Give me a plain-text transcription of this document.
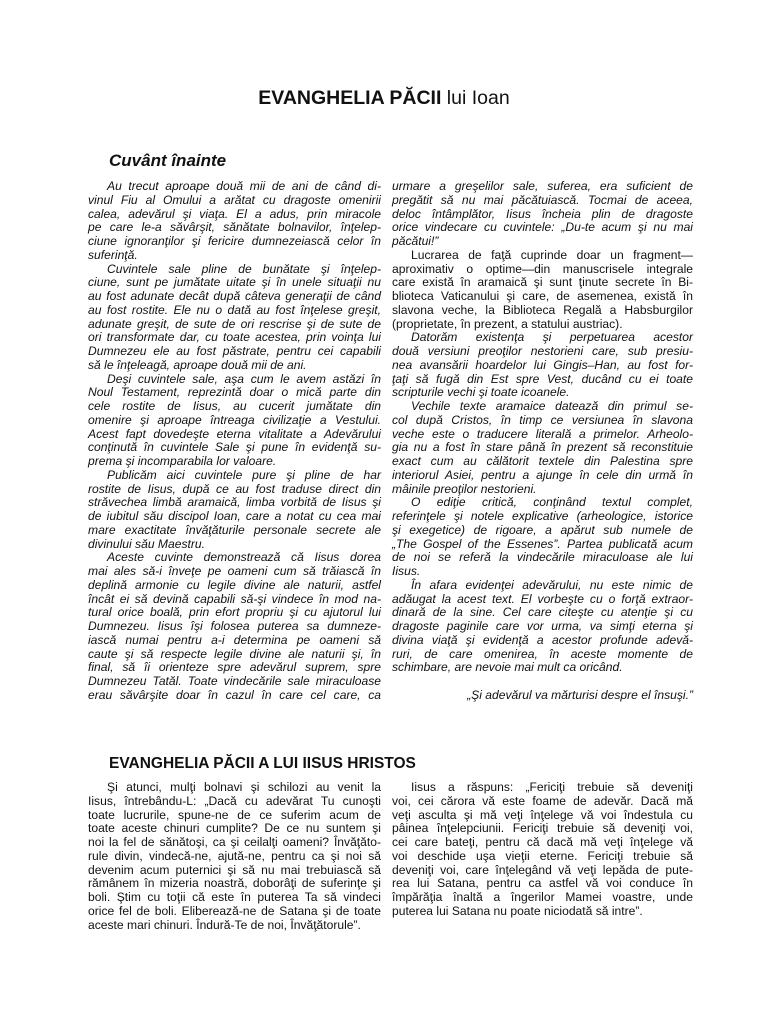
EVANGHELIA PĂCII lui Ioan
Cuvânt înainte
Au trecut aproape două mii de ani de când di-
vinul Fiu al Omului a arătat cu dragoste omenirii
calea, adevărul şi viaţa. El a adus, prin miracole
pe care le-a săvârşit, sănătate bolnavilor, înţelep-
ciune ignoranţilor şi fericire dumnezeiască celor în
suferinţă.
Cuvintele sale pline de bunătate şi înţelep-
ciune, sunt pe jumătate uitate şi în unele situaţii nu
au fost adunate decât după câteva generaţii de când
au fost rostite. Ele nu o dată au fost înţelese greşit,
adunate greşit, de sute de ori rescrise şi de sute de
ori transformate dar, cu toate acestea, prin voinţa lui
Dumnezeu ele au fost păstrate, pentru cei capabili
să le înţeleagă, aproape două mii de ani.
Deşi cuvintele sale, aşa cum le avem astăzi în
Noul Testament, reprezintă doar o mică parte din
cele rostite de Iisus, au cucerit jumătate din
omenire şi aproape întreaga civilizaţie a Vestului.
Acest fapt dovedeşte eterna vitalitate a Adevărului
conţinută în cuvintele Sale şi pune în evidenţă su-
prema şi incomparabila lor valoare.
Publicăm aici cuvintele pure şi pline de har
rostite de Iisus, după ce au fost traduse direct din
străvechea limbă aramaică, limba vorbită de Iisus şi
de iubitul său discipol Ioan, care a notat cu cea mai
mare exactitate învăţăturile personale secrete ale
divinului său Maestru.
Aceste cuvinte demonstrează că Iisus dorea
mai ales să-i înveţe pe oameni cum să trăiască în
deplină armonie cu legile divine ale naturii, astfel
încât ei să devină capabili să-şi vindece în mod na-
tural orice boală, prin efort propriu şi cu ajutorul lui
Dumnezeu. Iisus îşi folosea puterea sa dumneze-
iască numai pentru a-i determina pe oameni să
caute şi să respecte legile divine ale naturii şi, în
final, să îi orienteze spre adevărul suprem, spre
Dumnezeu Tatăl. Toate vindecările sale miraculoase
erau săvârşite doar în cazul în care cel care, ca
urmare a greşelilor sale, suferea, era suficient de
pregătit să nu mai păcătuiască. Tocmai de aceea,
deloc întâmplător, Iisus încheia plin de dragoste
orice vindecare cu cuvintele: „Du-te acum şi nu mai
păcătui!”
Lucrarea de faţă cuprinde doar un fragment—
aproximativ o optime—din manuscrisele integrale
care există în aramaică şi sunt ţinute secrete în Bi-
blioteca Vaticanului şi care, de asemenea, există în
slavona veche, la Biblioteca Regală a Habsburgilor
(proprietate, în prezent, a statului austriac).
Datorăm existenţa şi perpetuarea acestor
două versiuni preoţilor nestorieni care, sub presiu-
nea avansării hoardelor lui Gingis–Han, au fost for-
ţaţi să fugă din Est spre Vest, ducând cu ei toate
scripturile vechi şi toate icoanele.
Vechile texte aramaice datează din primul se-
col după Cristos, în timp ce versiunea în slavona
veche este o traducere literală a primelor. Arheolo-
gia nu a fost în stare până în prezent să reconstituie
exact cum au călătorit textele din Palestina spre
interiorul Asiei, pentru a ajunge în cele din urmă în
mâinile preoţilor nestorieni.
O ediţie critică, conţinând textul complet,
referinţele şi notele explicative (arheologice, istorice
şi exegetice) de rigoare, a apărut sub numele de
„The Gospel of the Essenes”. Partea publicată acum
de noi se referă la vindecările miraculoase ale lui
Iisus.
În afara evidenţei adevărului, nu este nimic de
adăugat la acest text. El vorbeşte cu o forţă extraor-
dinară de la sine. Cel care citeşte cu atenţie şi cu
dragoste paginile care vor urma, va simţi eterna şi
divina viaţă şi evidenţă a acestor profunde adevă-
ruri, de care omenirea, în aceste momente de
schimbare, are nevoie mai mult ca oricând.
„Şi adevărul va mărturisi despre el însuşi.”
EVANGHELIA PĂCII A LUI IISUS HRISTOS
Şi atunci, mulţi bolnavi şi schilozi au venit la
Iisus, întrebându-L: „Dacă cu adevărat Tu cunoşti
toate lucrurile, spune-ne de ce suferim acum de
toate aceste chinuri cumplite? De ce nu suntem şi
noi la fel de sănătoşi, ca şi ceilalţi oameni? Învăţăto-
rule divin, vindecă-ne, ajută-ne, pentru ca şi noi să
devenim acum puternici şi să nu mai trebuiască să
rămânem în mizeria noastră, doborâţi de suferinţe şi
boli. Ştim cu toţii că este în puterea Ta să vindeci
orice fel de boli. Eliberează-ne de Satana şi de toate
aceste mari chinuri. Îndură-Te de noi, Învăţătorule”.
Iisus a răspuns: „Fericiţi trebuie să deveniţi
voi, cei cărora vă este foame de adevăr. Dacă mă
veţi asculta şi mă veţi înţelege vă voi îndestula cu
pâinea înţelepciunii. Fericiţi trebuie să deveniţi voi,
cei care bateţi, pentru că dacă mă veţi înţelege vă
voi deschide uşa vieţii eterne. Fericiţi trebuie să
deveniţi voi, care înţelegând vă veţi lepăda de pute-
rea lui Satana, pentru ca astfel vă voi conduce în
împărăţia înaltă a îngerilor Mamei voastre, unde
puterea lui Satana nu poate niciodată să intre”.
